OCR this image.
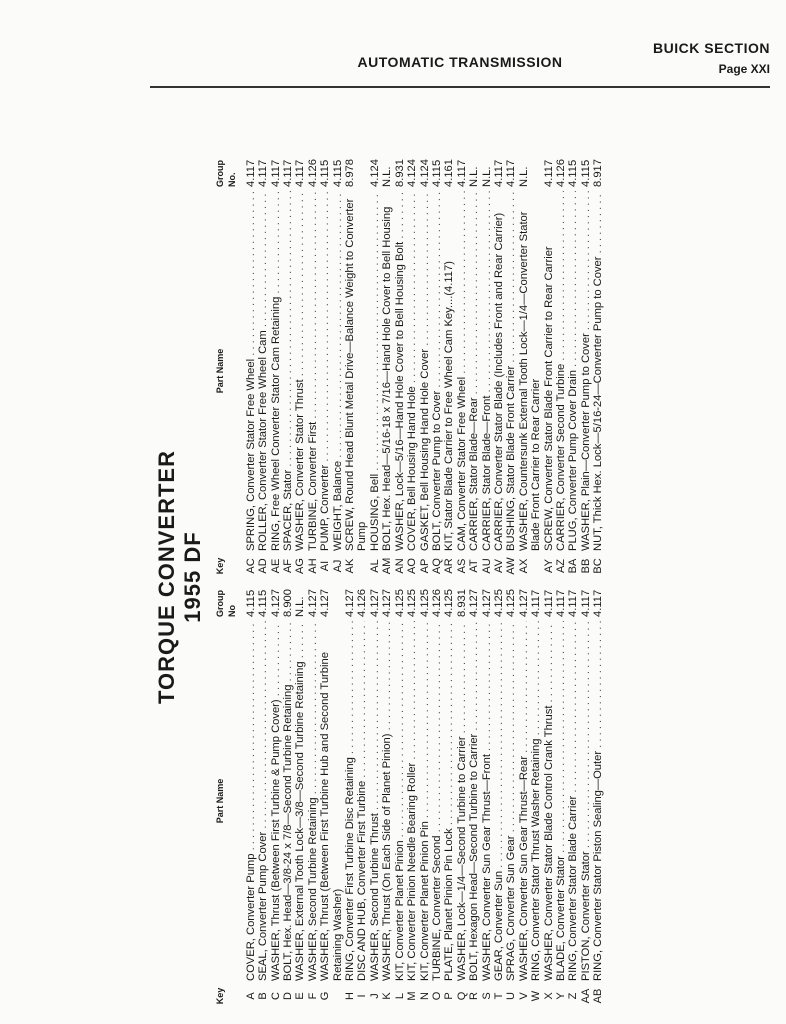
AUTOMATIC TRANSMISSION
BUICK SECTION
Page XXI
TORQUE CONVERTER 1955 DF
Key
Part Name
Group No
A
COVER, Converter Pump . . .
4.115
B
SEAL, Converter Pump Cover . . .
4.115
C
WASHER, Thrust (Between First Turbine & Pump Cover) . . .
4.127
D
BOLT, Hex. Head—3/8-24 x 7/8—Second Turbine Retaining . . .
8.900
E
WASHER, External Tooth Lock—3/8—Second Turbine Retaining . . .
N.L.
F
WASHER, Second Turbine Retaining . . .
4.127
G
WASHER, Thrust (Between First Turbine Hub and Second Turbine Retaining Washer)
4.127
H
RING, Converter First Turbine Disc Retaining . . .
4.127
I
DISC AND HUB, Converter First Turbine . . .
4.126
J
WASHER, Second Turbine Thrust . . .
4.127
K
WASHER, Thrust (On Each Side of Planet Pinion) . . .
4.127
L
KIT, Converter Planet Pinion . . .
4.125
M
KIT, Converter Pinion Needle Bearing Roller . . .
4.125
N
KIT, Converter Planet Pinion Pin . . .
4.125
O
TURBINE, Converter Second . . .
4.126
P
PLATE, Planet Pinion Pin Lock . . .
4.125
Q
WASHER, Lock—1/4—Second Turbine to Carrier . . .
8.931
R
BOLT, Hexagon Head—Second Turbine to Carrier . . .
4.127
S
WASHER, Converter Sun Gear Thrust—Front . . .
4.127
T
GEAR, Converter Sun . . .
4.125
U
SPRAG, Converter Sun Gear . . .
4.125
V
WASHER, Converter Sun Gear Thrust—Rear . . .
4.127
W
RING, Converter Stator Thrust Washer Retaining . . .
4.117
X
WASHER, Converter Stator Blade Control Crank Thrust . . .
4.117
Y
BLADE, Converter Stator . . .
4.117
Z
RING, Converter Stator Blade Carrier . . .
4.117
AA
PISTON, Converter Stator . . .
4.117
AB
RING, Converter Stator Piston Sealing—Outer . . .
4.117
Key
Part Name
Group No.
AC
SPRING, Converter Stator Free Wheel . . .
4.117
AD
ROLLER, Converter Stator Free Wheel Cam . . .
4.117
AE
RING, Free Wheel Converter Stator Cam Retaining . . .
4.117
AF
SPACER, Stator . . .
4.117
AG
WASHER, Converter Stator Thrust . . .
4.117
AH
TURBINE, Converter First . . .
4.126
AI
PUMP, Converter . . .
4.115
AJ
WEIGHT, Balance . . .
4.115
AK
SCREW, Round Head Blunt Metal Drive—Balance Weight to Converter Pump
8.978
AL
HOUSING, Bell . . .
4.124
AM
BOLT, Hex. Head—5/16-18 x 7/16—Hand Hole Cover to Bell Housing
N.L.
AN
WASHER, Lock—5/16—Hand Hole Cover to Bell Housing Bolt . . .
8.931
AO
COVER, Bell Housing Hand Hole . . .
4.124
AP
GASKET, Bell Housing Hand Hole Cover . . .
4.124
AQ
BOLT, Converter Pump to Cover . . .
4.115
AR
KIT, Stator Blade Carrier to Free Wheel Cam Key....(4.117)
4.161
AS
CAM, Converter Stator Free Wheel . . .
4.117
AT
CARRIER, Stator Blade—Rear . . .
N.L.
AU
CARRIER, Stator Blade—Front . . .
N.L.
AV
CARRIER, Converter Stator Blade (Includes Front and Rear Carrier)
4.117
AW
BUSHING, Stator Blade Front Carrier . . .
4.117
AX
WASHER, Countersunk External Tooth Lock—1/4—Converter Stator Blade Front Carrier to Rear Carrier
N.L.
AY
SCREW, Converter Stator Blade Front Carrier to Rear Carrier
4.117
AZ
CARRIER, Converter Second Turbine . . .
4.126
BA
PLUG, Converter Pump Cover Drain . . .
4.115
BB
WASHER, Plain—Converter Pump to Cover . . .
4.115
BC
NUT, Thick Hex. Lock—5/16-24—Converter Pump to Cover . . .
8.917
